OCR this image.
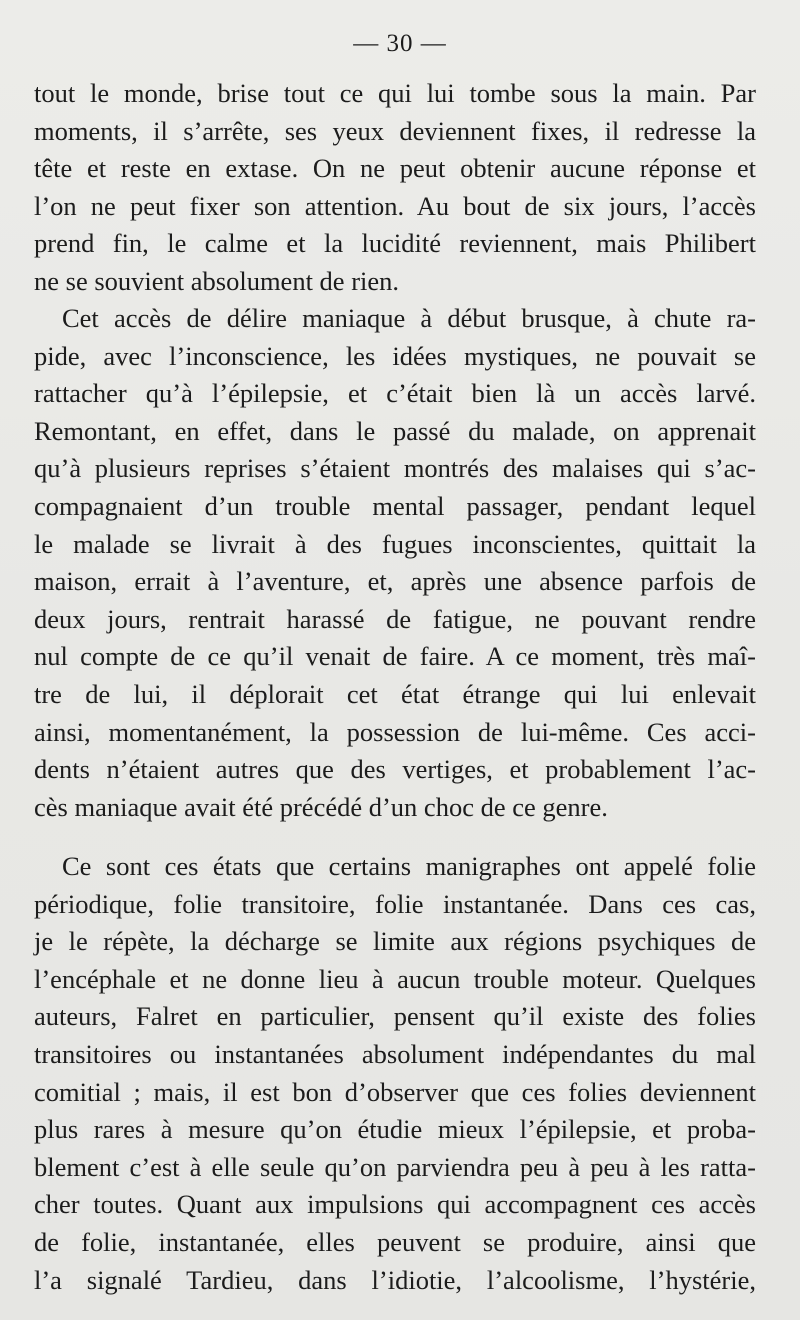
— 30 —
tout le monde, brise tout ce qui lui tombe sous la main. Par
moments, il s’arrête, ses yeux deviennent fixes, il redresse la
tête et reste en extase. On ne peut obtenir aucune réponse et
l’on ne peut fixer son attention. Au bout de six jours, l’accès
prend fin, le calme et la lucidité reviennent, mais Philibert
ne se souvient absolument de rien.
Cet accès de délire maniaque à début brusque, à chute ra-
pide, avec l’inconscience, les idées mystiques, ne pouvait se
rattacher qu’à l’épilepsie, et c’était bien là un accès larvé.
Remontant, en effet, dans le passé du malade, on apprenait
qu’à plusieurs reprises s’étaient montrés des malaises qui s’ac-
compagnaient d’un trouble mental passager, pendant lequel
le malade se livrait à des fugues inconscientes, quittait la
maison, errait à l’aventure, et, après une absence parfois de
deux jours, rentrait harassé de fatigue, ne pouvant rendre
nul compte de ce qu’il venait de faire. A ce moment, très maî-
tre de lui, il déplorait cet état étrange qui lui enlevait
ainsi, momentanément, la possession de lui-même. Ces acci-
dents n’étaient autres que des vertiges, et probablement l’ac-
cès maniaque avait été précédé d’un choc de ce genre.
Ce sont ces états que certains manigraphes ont appelé folie
périodique, folie transitoire, folie instantanée. Dans ces cas,
je le répète, la décharge se limite aux régions psychiques de
l’encéphale et ne donne lieu à aucun trouble moteur. Quelques
auteurs, Falret en particulier, pensent qu’il existe des folies
transitoires ou instantanées absolument indépendantes du mal
comitial ; mais, il est bon d’observer que ces folies deviennent
plus rares à mesure qu’on étudie mieux l’épilepsie, et proba-
blement c’est à elle seule qu’on parviendra peu à peu à les ratta-
cher toutes. Quant aux impulsions qui accompagnent ces accès
de folie, instantanée, elles peuvent se produire, ainsi que
l’a signalé Tardieu, dans l’idiotie, l’alcoolisme, l’hystérie,
